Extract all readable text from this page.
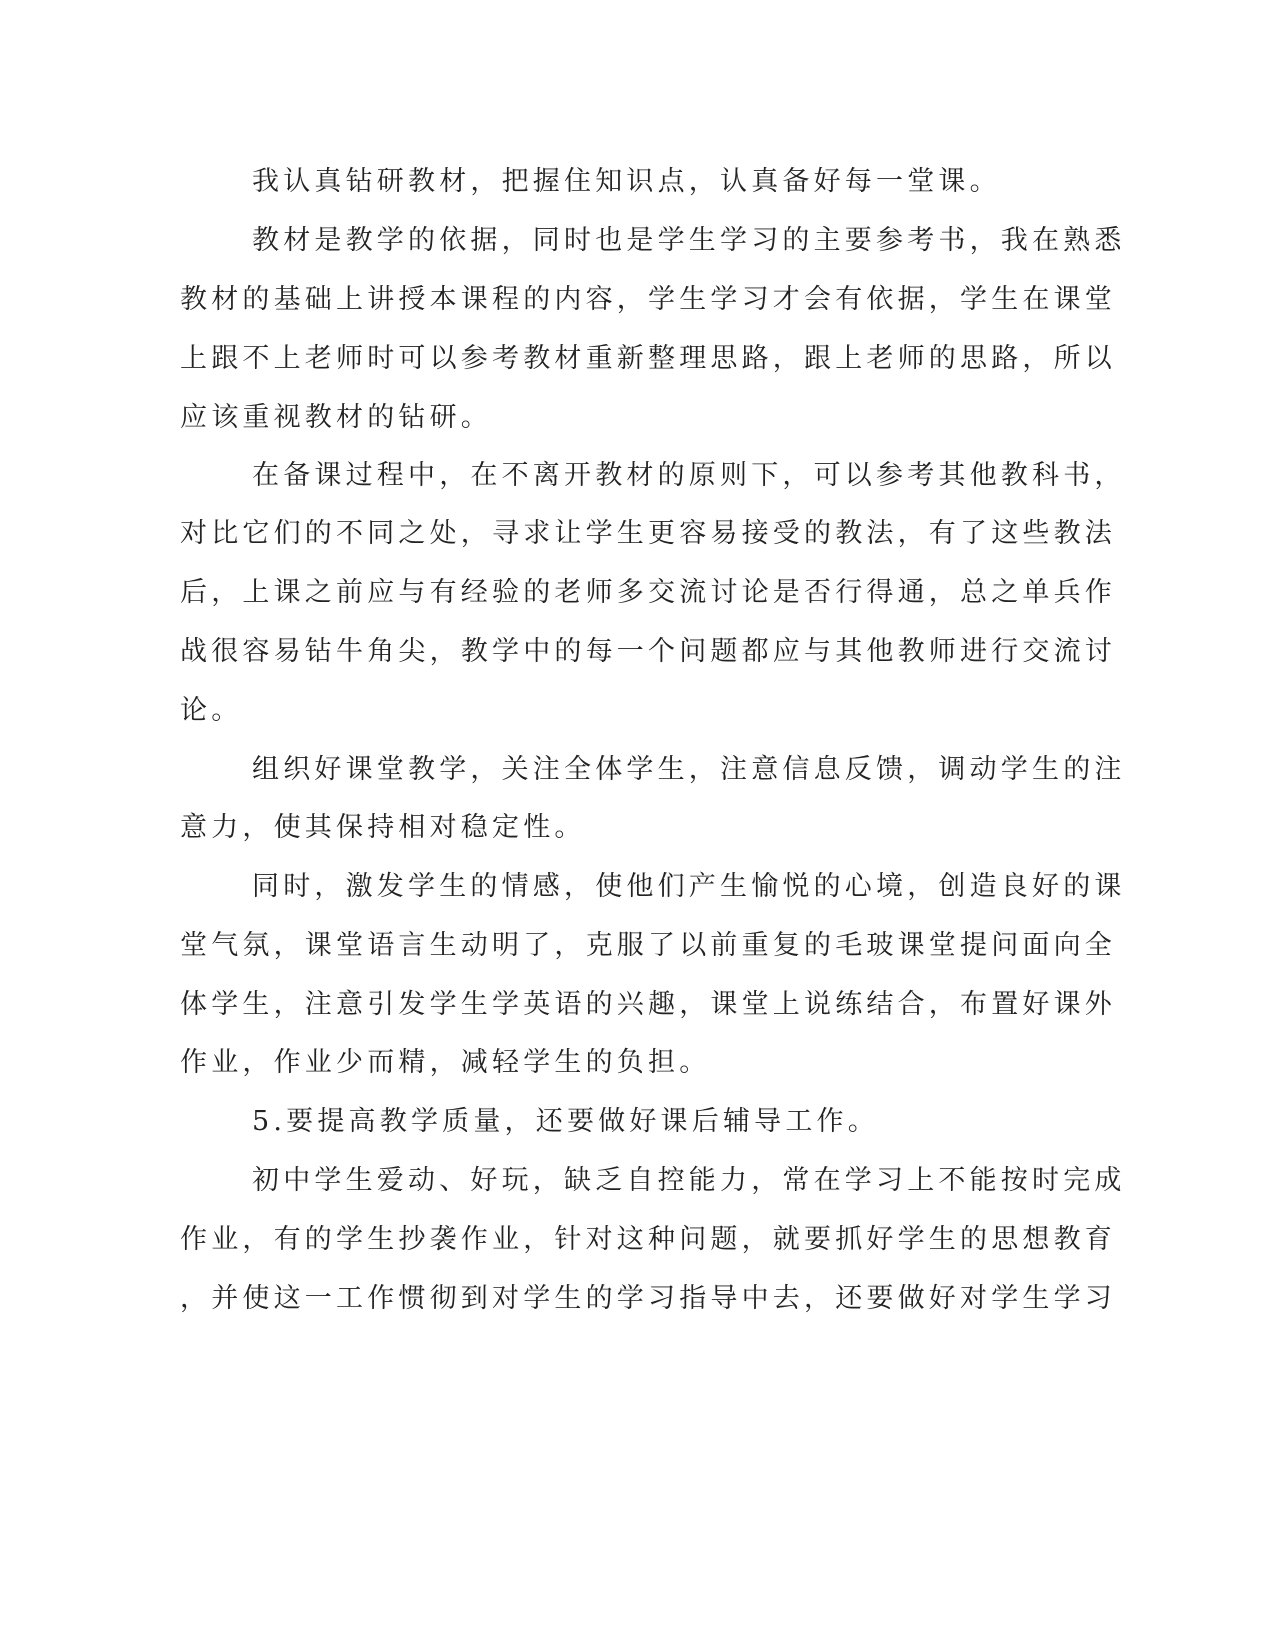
我认真钻研教材，把握住知识点，认真备好每一堂课。
教材是教学的依据，同时也是学生学习的主要参考书，我在熟悉
教材的基础上讲授本课程的内容，学生学习才会有依据，学生在课堂
上跟不上老师时可以参考教材重新整理思路，跟上老师的思路，所以
应该重视教材的钻研。
在备课过程中，在不离开教材的原则下，可以参考其他教科书，
对比它们的不同之处，寻求让学生更容易接受的教法，有了这些教法
后，上课之前应与有经验的老师多交流讨论是否行得通，总之单兵作
战很容易钻牛角尖，教学中的每一个问题都应与其他教师进行交流讨
论。
组织好课堂教学，关注全体学生，注意信息反馈，调动学生的注
意力，使其保持相对稳定性。
同时，激发学生的情感，使他们产生愉悦的心境，创造良好的课
堂气氛，课堂语言生动明了，克服了以前重复的毛玻课堂提问面向全
体学生，注意引发学生学英语的兴趣，课堂上说练结合，布置好课外
作业，作业少而精，减轻学生的负担。
5.要提高教学质量，还要做好课后辅导工作。
初中学生爱动、好玩，缺乏自控能力，常在学习上不能按时完成
作业，有的学生抄袭作业，针对这种问题，就要抓好学生的思想教育
，并使这一工作惯彻到对学生的学习指导中去，还要做好对学生学习
